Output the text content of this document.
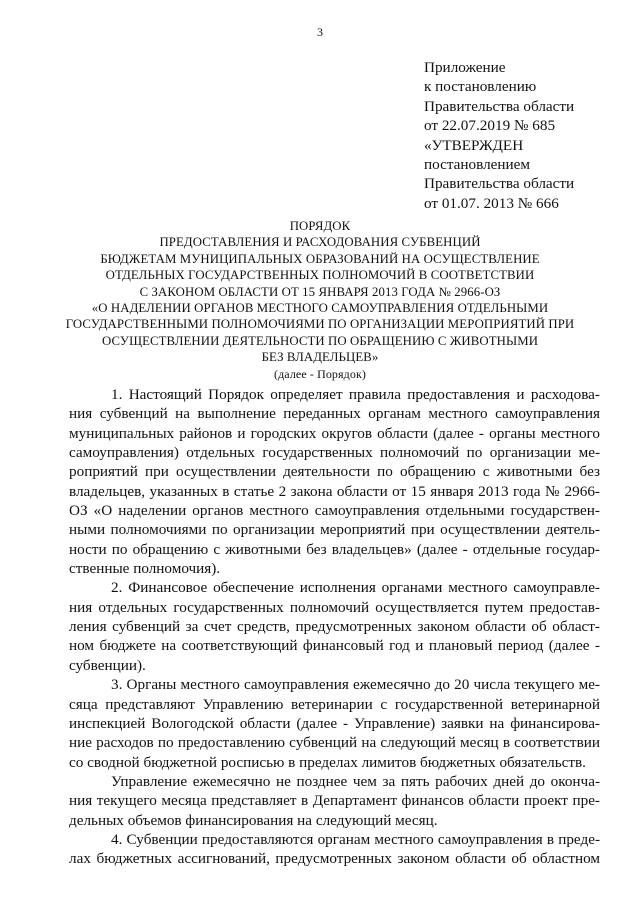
3
Приложение
к постановлению
Правительства области
от 22.07.2019 № 685
«УТВЕРЖДЕН
постановлением
Правительства области
от 01.07. 2013 № 666
ПОРЯДОК
ПРЕДОСТАВЛЕНИЯ И РАСХОДОВАНИЯ СУБВЕНЦИЙ
БЮДЖЕТАМ МУНИЦИПАЛЬНЫХ ОБРАЗОВАНИЙ НА ОСУЩЕСТВЛЕНИЕ
ОТДЕЛЬНЫХ ГОСУДАРСТВЕННЫХ ПОЛНОМОЧИЙ В СООТВЕТСТВИИ
С ЗАКОНОМ ОБЛАСТИ ОТ 15 ЯНВАРЯ 2013 ГОДА № 2966-ОЗ
«О НАДЕЛЕНИИ ОРГАНОВ МЕСТНОГО САМОУПРАВЛЕНИЯ ОТДЕЛЬНЫМИ
ГОСУДАРСТВЕННЫМИ ПОЛНОМОЧИЯМИ ПО ОРГАНИЗАЦИИ МЕРОПРИЯТИЙ ПРИ
ОСУЩЕСТВЛЕНИИ ДЕЯТЕЛЬНОСТИ ПО ОБРАЩЕНИЮ С ЖИВОТНЫМИ
БЕЗ ВЛАДЕЛЬЦЕВ»
(далее - Порядок)
1. Настоящий Порядок определяет правила предоставления и расходова-
ния субвенций на выполнение переданных органам местного самоуправления
муниципальных районов и городских округов области (далее - органы местного
самоуправления) отдельных государственных полномочий по организации ме-
роприятий при осуществлении деятельности по обращению с животными без
владельцев, указанных в статье 2 закона области от 15 января 2013 года № 2966-
ОЗ «О наделении органов местного самоуправления отдельными государствен-
ными полномочиями по организации мероприятий при осуществлении деятель-
ности по обращению с животными без владельцев» (далее - отдельные государ-
ственные полномочия).
2. Финансовое обеспечение исполнения органами местного самоуправле-
ния отдельных государственных полномочий осуществляется путем предостав-
ления субвенций за счет средств, предусмотренных законом области об област-
ном бюджете на соответствующий финансовый год и плановый период (далее -
субвенции).
3. Органы местного самоуправления ежемесячно до 20 числа текущего ме-
сяца представляют Управлению ветеринарии с государственной ветеринарной
инспекцией Вологодской области (далее - Управление) заявки на финансирова-
ние расходов по предоставлению субвенций на следующий месяц в соответствии
со сводной бюджетной росписью в пределах лимитов бюджетных обязательств.
Управление ежемесячно не позднее чем за пять рабочих дней до оконча-
ния текущего месяца представляет в Департамент финансов области проект пре-
дельных объемов финансирования на следующий месяц.
4. Субвенции предоставляются органам местного самоуправления в преде-
лах бюджетных ассигнований, предусмотренных законом области об областном
